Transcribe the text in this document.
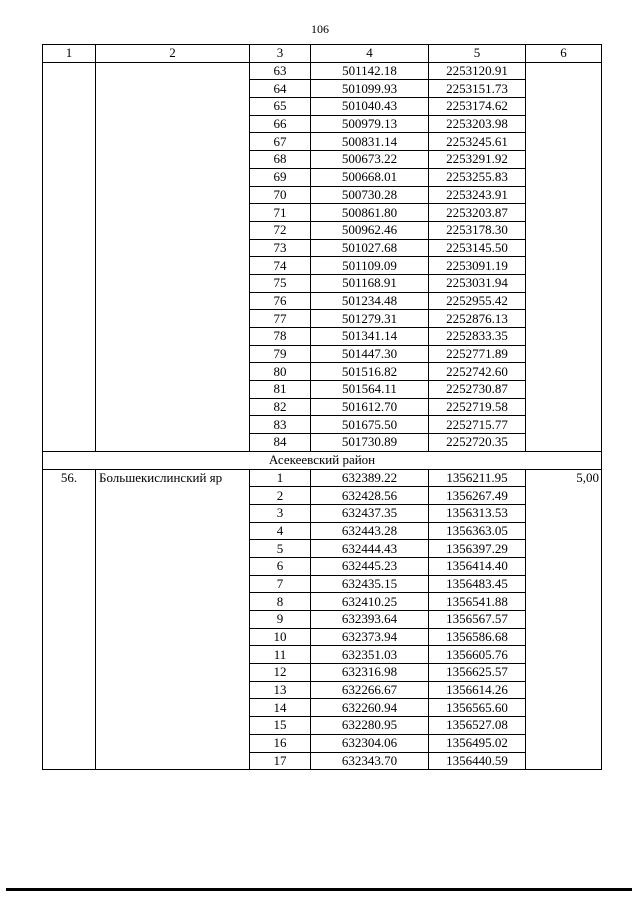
106
1	2	3	4	5	6
		63	501142.18	2253120.91	
		64	501099.93	2253151.73	
		65	501040.43	2253174.62	
		66	500979.13	2253203.98	
		67	500831.14	2253245.61	
		68	500673.22	2253291.92	
		69	500668.01	2253255.83	
		70	500730.28	2253243.91	
		71	500861.80	2253203.87	
		72	500962.46	2253178.30	
		73	501027.68	2253145.50	
		74	501109.09	2253091.19	
		75	501168.91	2253031.94	
		76	501234.48	2252955.42	
		77	501279.31	2252876.13	
		78	501341.14	2252833.35	
		79	501447.30	2252771.89	
		80	501516.82	2252742.60	
		81	501564.11	2252730.87	
		82	501612.70	2252719.58	
		83	501675.50	2252715.77	
		84	501730.89	2252720.35	
Асекеевский район					
56.	Большекислинский яр	1	632389.22	1356211.95	5,00
		2	632428.56	1356267.49	
		3	632437.35	1356313.53	
		4	632443.28	1356363.05	
		5	632444.43	1356397.29	
		6	632445.23	1356414.40	
		7	632435.15	1356483.45	
		8	632410.25	1356541.88	
		9	632393.64	1356567.57	
		10	632373.94	1356586.68	
		11	632351.03	1356605.76	
		12	632316.98	1356625.57	
		13	632266.67	1356614.26	
		14	632260.94	1356565.60	
		15	632280.95	1356527.08	
		16	632304.06	1356495.02	
		17	632343.70	1356440.59	
